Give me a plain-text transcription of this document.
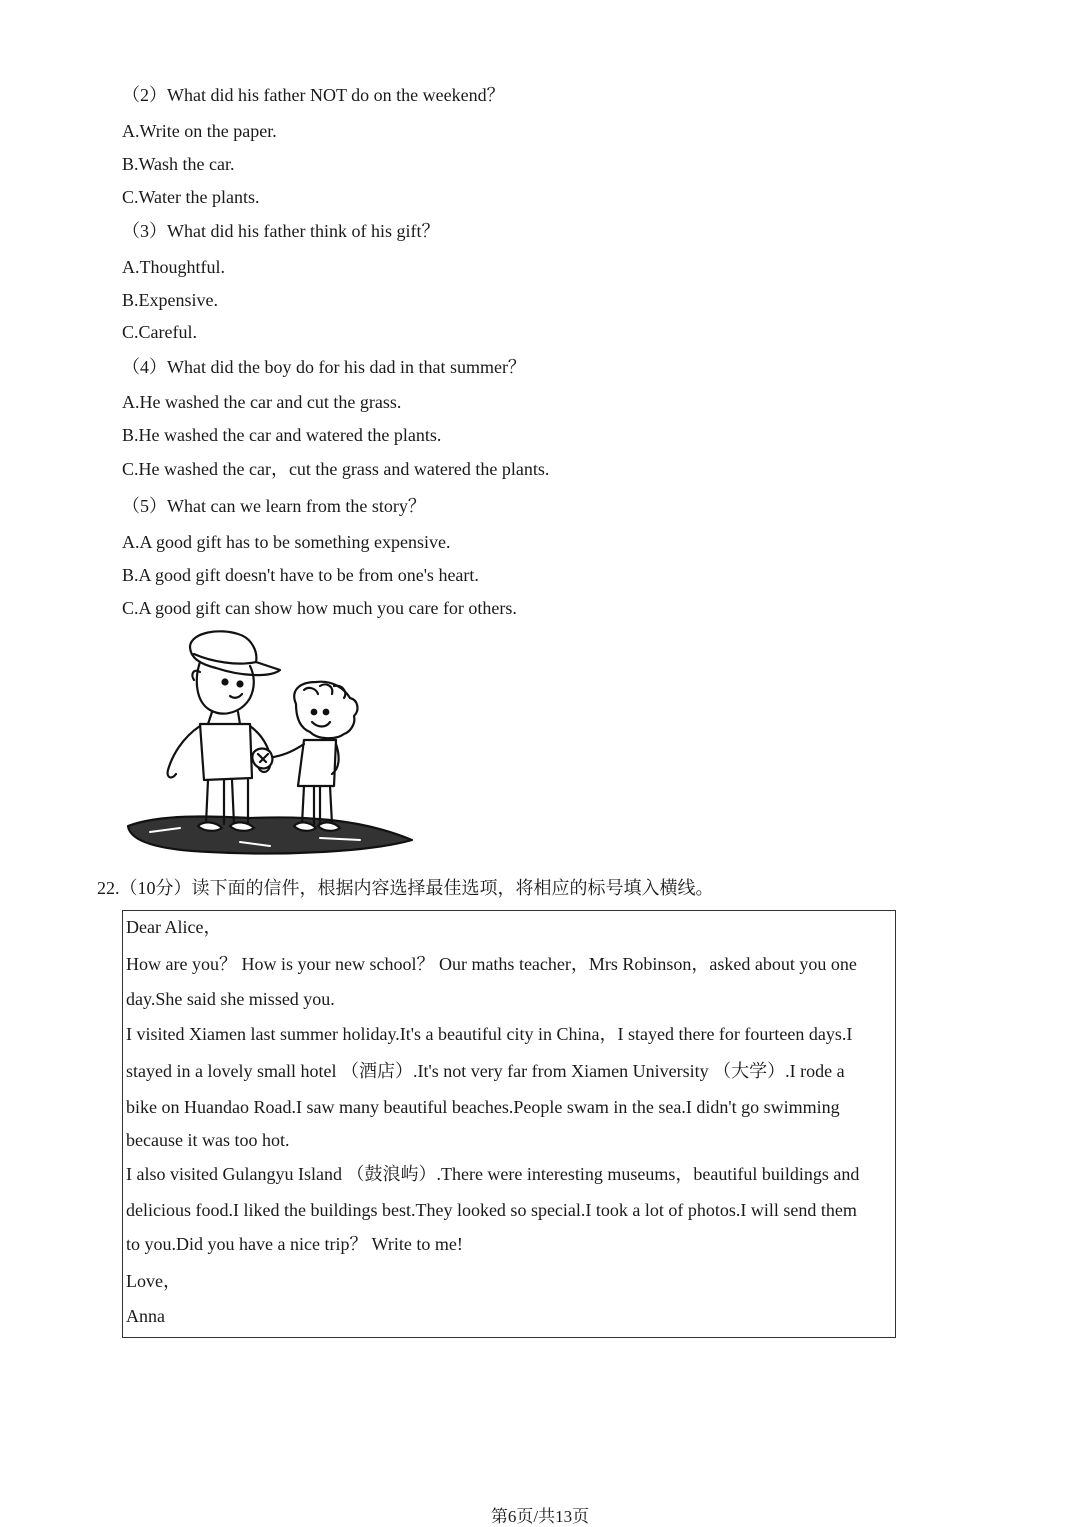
（2）What did his father NOT do on the weekend？
A.Write on the paper.
B.Wash the car.
C.Water the plants.
（3）What did his father think of his gift？
A.Thoughtful.
B.Expensive.
C.Careful.
（4）What did the boy do for his dad in that summer？
A.He washed the car and cut the grass.
B.He washed the car and watered the plants.
C.He washed the car，cut the grass and watered the plants.
（5）What can we learn from the story？
A.A good gift has to be something expensive.
B.A good gift doesn't have to be from one's heart.
C.A good gift can show how much you care for others.
22.（10分）读下面的信件，根据内容选择最佳选项，将相应的标号填入横线。
Dear Alice，
How are you？ How is your new school？ Our maths teacher，Mrs Robinson，asked about you one
day.She said she missed you.
I visited Xiamen last summer holiday.It's a beautiful city in China，I stayed there for fourteen days.I
stayed in a lovely small hotel （酒店）.It's not very far from Xiamen University （大学）.I rode a
bike on Huandao Road.I saw many beautiful beaches.People swam in the sea.I didn't go swimming
because it was too hot.
I also visited Gulangyu Island （鼓浪屿）.There were interesting museums，beautiful buildings and
delicious food.I liked the buildings best.They looked so special.I took a lot of photos.I will send them
to you.Did you have a nice trip？ Write to me!
Love，
Anna
第6页/共13页
